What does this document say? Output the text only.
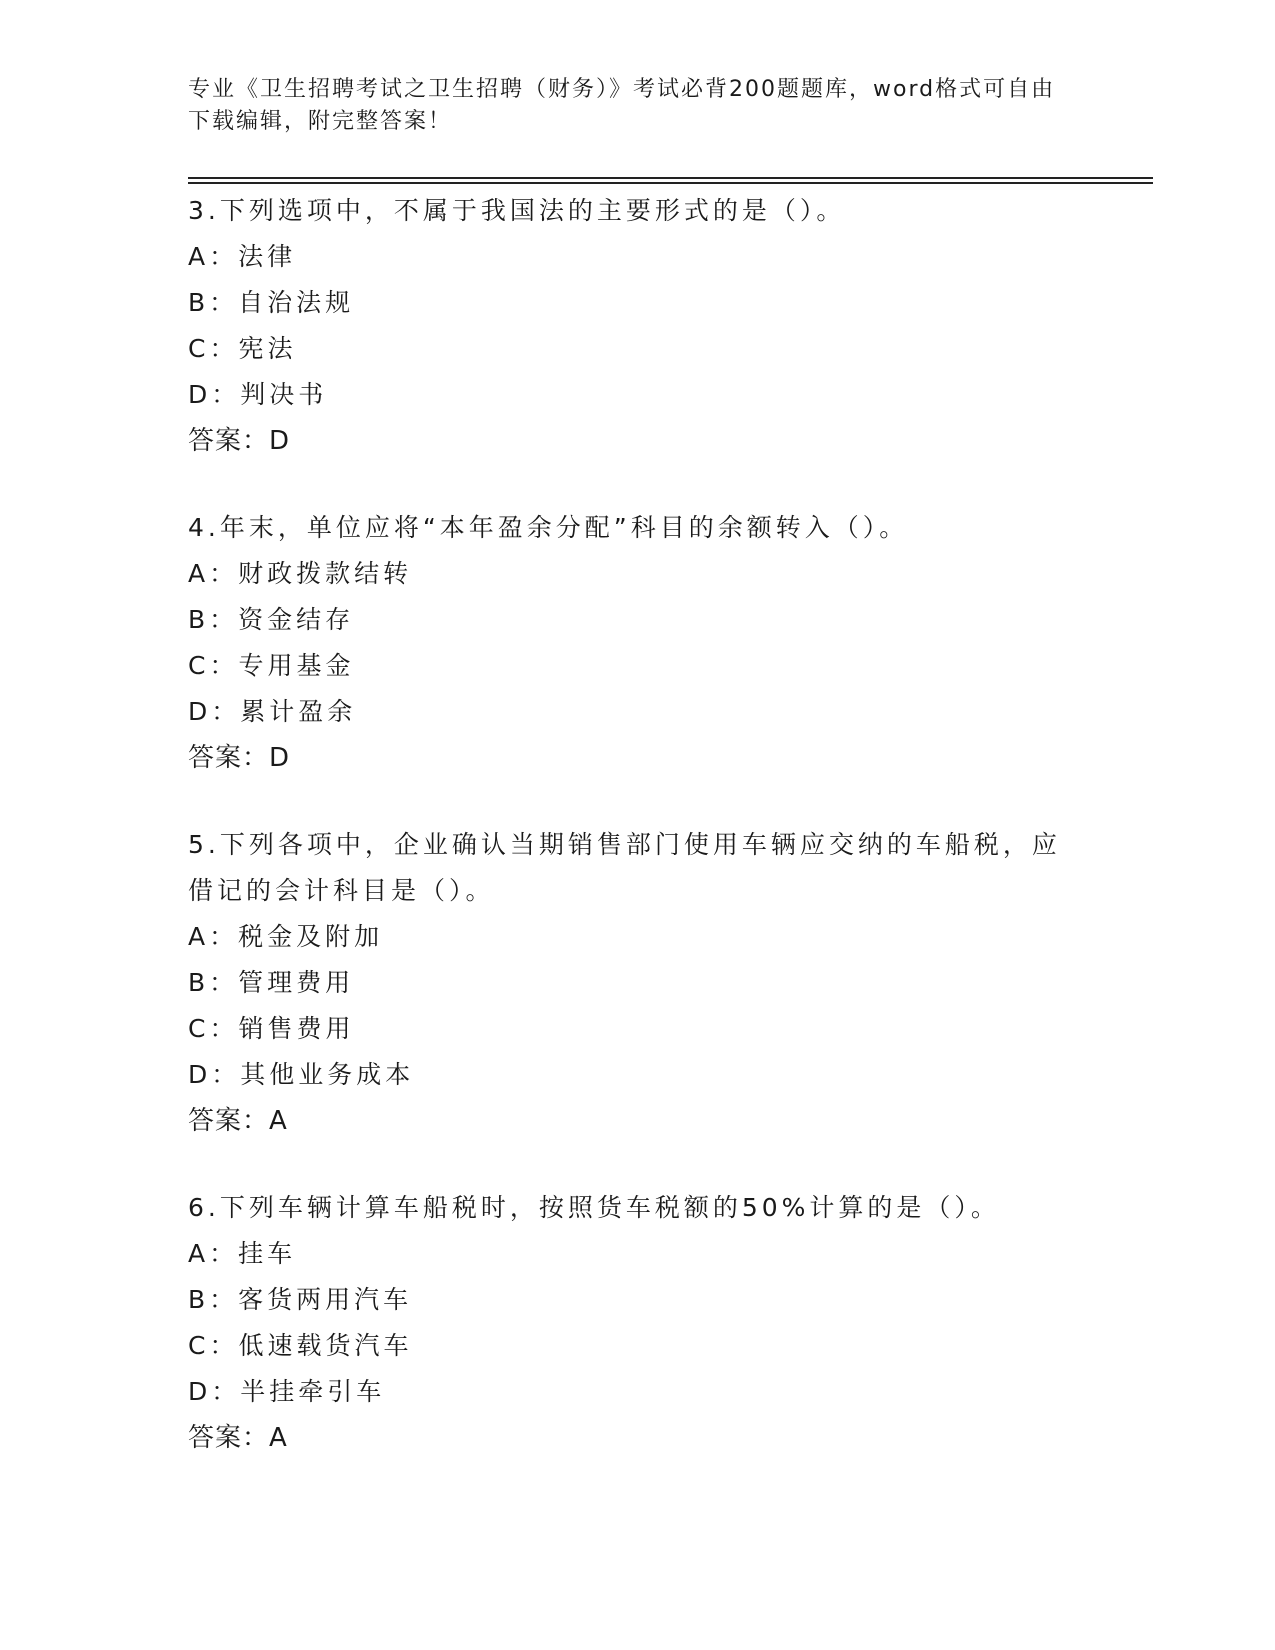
专业《卫生招聘考试之卫生招聘（财务）》考试必背200题题库，word格式可自由下载编辑，附完整答案！

3.下列选项中，不属于我国法的主要形式的是（）。

A：法律

B：自治法规

C：宪法

D：判决书

答案：D

4.年末，单位应将“本年盈余分配”科目的余额转入（）。

A：财政拨款结转

B：资金结存

C：专用基金

D：累计盈余

答案：D

5.下列各项中，企业确认当期销售部门使用车辆应交纳的车船税，应借记的会计科目是（）。

A：税金及附加

B：管理费用

C：销售费用

D：其他业务成本

答案：A

6.下列车辆计算车船税时，按照货车税额的50%计算的是（）。

A：挂车

B：客货两用汽车

C：低速载货汽车

D：半挂牵引车

答案：A
